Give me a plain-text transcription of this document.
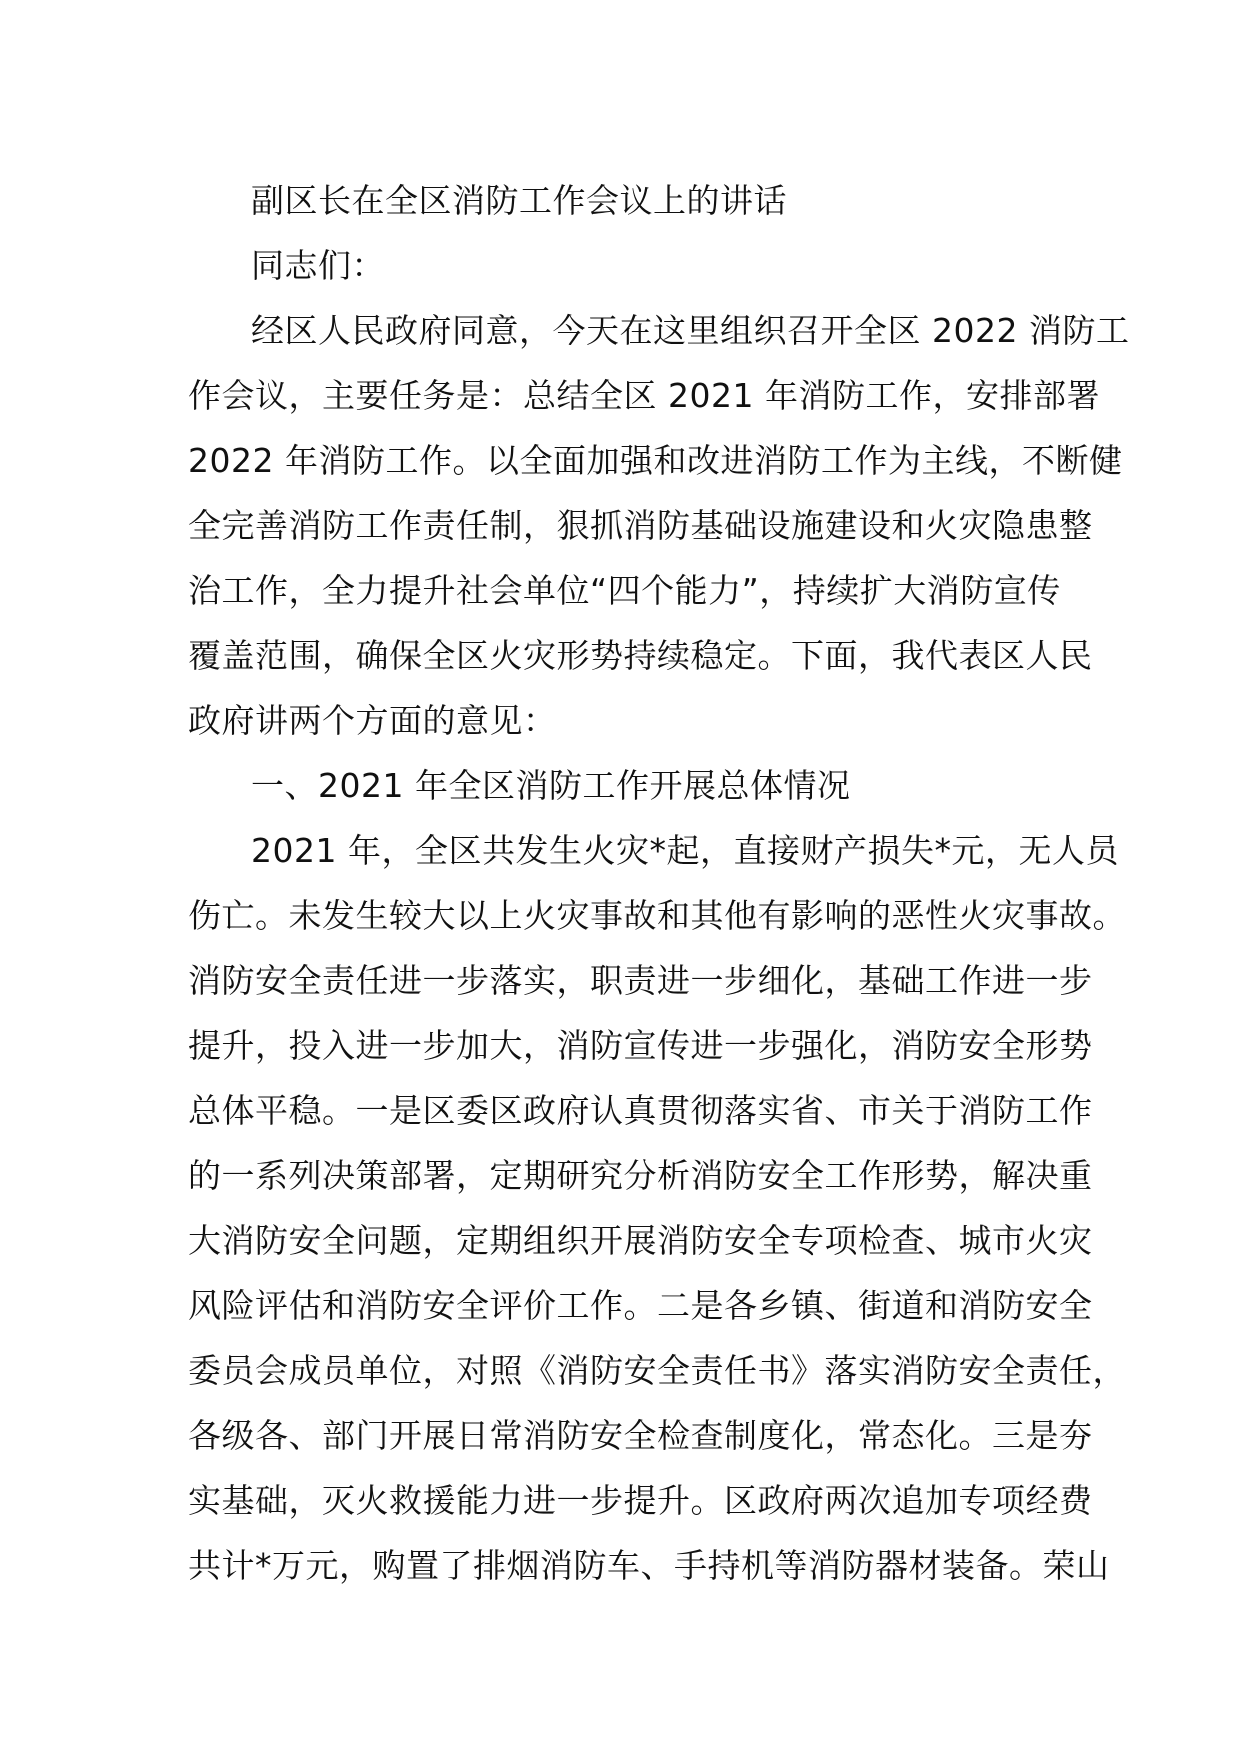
副区长在全区消防工作会议上的讲话
同志们：
经区人民政府同意，今天在这里组织召开全区 2022 消防工
作会议，主要任务是：总结全区 2021 年消防工作，安排部署
2022 年消防工作。以全面加强和改进消防工作为主线，不断健
全完善消防工作责任制，狠抓消防基础设施建设和火灾隐患整
治工作，全力提升社会单位“四个能力”，持续扩大消防宣传
覆盖范围，确保全区火灾形势持续稳定。下面，我代表区人民
政府讲两个方面的意见：
一、2021 年全区消防工作开展总体情况
2021 年，全区共发生火灾*起，直接财产损失*元，无人员
伤亡。未发生较大以上火灾事故和其他有影响的恶性火灾事故。
消防安全责任进一步落实，职责进一步细化，基础工作进一步
提升，投入进一步加大，消防宣传进一步强化，消防安全形势
总体平稳。一是区委区政府认真贯彻落实省、市关于消防工作
的一系列决策部署，定期研究分析消防安全工作形势，解决重
大消防安全问题，定期组织开展消防安全专项检查、城市火灾
风险评估和消防安全评价工作。二是各乡镇、街道和消防安全
委员会成员单位，对照《消防安全责任书》落实消防安全责任，
各级各、部门开展日常消防安全检查制度化，常态化。三是夯
实基础，灭火救援能力进一步提升。区政府两次追加专项经费
共计*万元，购置了排烟消防车、手持机等消防器材装备。荣山
